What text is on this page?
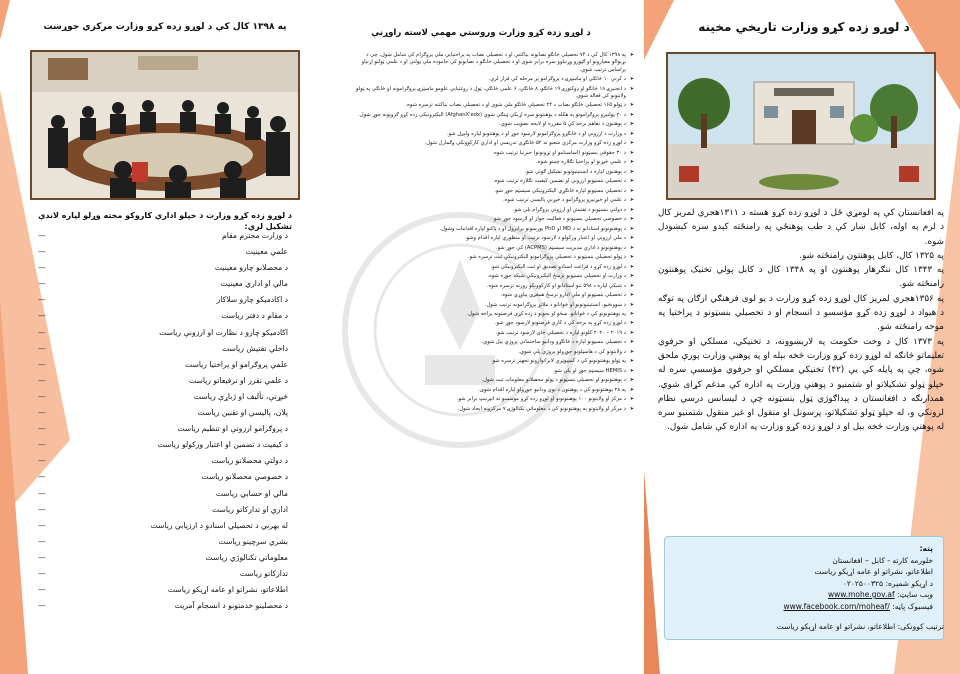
په ۱۳۹۸ کال کې د لوړو زده کړو وزارت مرکزي جوړښت
د لوړو زده کړو وزارت د خپلو اداري کاروکو مخته وړلو لپاره لاندې تشکیل لري:
د وزارت محترم مقام
—
علمي معینیت
—
د محصلانو چارو معینیت
—
مالي او اداري معینیت
—
د اکادمیکو چارو سلاکار
—
د مقام د دفتر ریاست
—
اکادمیکو چارو د نظارت او ارزونې ریاست
—
داخلي تفتیش ریاست
—
علمي پروګرامو او پراختیا ریاست
—
د علمي تقرر او ترفیعاتو ریاست
—
څیړنې، تألیف او ژباړې ریاست
—
پلان، پالیسي او تقنین ریاست
—
د پروګرامو ارزونې او تنظیم ریاست
—
د کیفیت د تضمین او اعتبار ورکولو ریاست
—
د دولتي محصلانو ریاست
—
د خصوصي محصلانو ریاست
—
مالي او حسابي ریاست
—
اداري او تدارکاتو ریاست
—
له بهرني د تحصیلي اسنادو د ارزیابي ریاست
—
بشري سرچینو ریاست
—
معلوماتي تکنالوژي ریاست
—
تدارکاتو ریاست
—
اطلاعاتو، نشراتو او عامه اړیکو ریاست
—
د محصلینو خدمتونو د انسجام آمریت
—
د لوړو زده کړو وزارت وروستي مهمې لاسته راوړنې
➤ په ۱۳۹۸ کال کې د ۷۴ تحصیلي څانګو نصابونه بیاکتنې او د تحصیلي نصاب په پراختیایي ملي پروګرام کې شامل شول، چې د نړیوالو معیارونو او ګټورو وړتیاوو سره برابر شوي او د تحصیلي څانګو د نصابونو کې جاموده ملي ټولنې او د علمي ټولنو اړتیاو پراساس ترتیب شوي.
➤ د کرنې ۱۰ ځانګې او ماسټرۍ د پروګرامو پر مرحله کې قرار لري.
➤ د انجنیرۍ ۱۸ ځانګو او ډوکتورۍ ۱۹ ځانګو، ۸ ځانګې، ۶ علمي ځانګې، ټول د روغتیايي علومو ماسټرۍ پروګرامونه او ځانګې په ټولو ولایتونو کې فعاله شوې.
➤ د ټولو ۱۶۵ تحصیلي ځانګو نصاب د ۲۴ تحصیلي ځانګو ملي شوي او د تحصیلي نصاب بیاکتنه ترسره شوه.
➤ د ۲۰ ټولنیزو پروګرامونو په هکله د پوهنتونو سره اړیکې ټینګې شوې (AfghanX'edx) الیکترونیکي زده کړو ګروپونه جوړ شول.
➤ د پوهنتون د تفاهم برخه کې ۵ مقرره او لایحه تصویب شوې.
➤ د وزارت د ارزونې او د ځانګړو پروګرامونو لارښود جوړ او د پوهنتونو لپاره ولېږل شو.
➤ د لوړو زده کړو وزارت مرکزي شعبو ته ۵۲ ځانګړي تدریسي او اداري کارکوونکي وګمارل شول.
➤ د ۳۰ حقوقي بنسټونو (اساسنامو او تړونونو) خبرتیا ترتیب شوه.
➤ د علمي څیړنو او پراختیا تګلاره چمتو شوه.
➤ د پوهنتون لپاره د انستیتیوتونو تشکیل ګوتې شو.
➤ د تحصیلي بنسټونو ارزونې او تضمین کیفیت تګلاره ترتیب شوه.
➤ د تحصیلي بنسټونو لپاره ځانګړې الیکترونیکي سیسټم جوړ شو.
➤ د علمي او څیړنیزو پروګرامو د څېړنې پالیسي ترتیب شوه.
➤ د دولتي بنسټونو د تفتیش او ارزونې پروګرام پلي شو.
➤ د خصوصي تحصیلي بنسټونو د فعالیت جواز او لارښود جوړ شو.
➤ د پوهنتونونو استادانو ته د MD او PhD بورسونو برابرول او د ټاکنو لپاره اقدامات وشول.
➤ د ملي ارزونې او اعتبار ورکولو د لارښود ترتیب او منظورې لپاره اقدام وشو.
➤ د پوهنتونونو د اداري مدیریت سیسټم (ACPMS) کې جوړ شو.
➤ د ټولو تحصیلي بنسټونو د تحصیلي پروګرامونو الیکترونیکي ثبت ترسره شو.
➤ د لوړو زده کړو د فراغت اسنادو تصدیق او ثبت الیکترونیکي شو.
➤ د وزارت او تحصیلي بنسټونو ترمنځ الیکترونیکي شبکه جوړه شوه.
➤ د شبکې لپاره د ۵۹۸ تنو استادانو او کارکوونکو روزنه ترسره شوه.
➤ د تحصیلي بنسټونو او ملي ادارو ترمنځ همغږي پیاوړې شوه.
➤ د ښوونځیو، انستیتیوتونو او ځوانانو د ملاتړ پروګرامونه ترتیب شول.
➤ په پوهنتونونو کې د ځوانانو، ښځو او نجونو د زده کړې فرصتونه پراخه شول.
➤ د لوړو زده کړو په برخه کې د کاري فرصتونو لارښود جوړ شو.
➤ د ۲۰۱۹ – ۲۰۲۰ کلونو لپاره د تحصیلي ځای لارښود ترتیب شو.
➤ د تحصیلي بنسټونو لپاره د ځانګړو ودانیو ساختماني پروژې پیل شوې.
➤ د ولایتونو کې د هاسټلونو جوړولو پروژې پلي شوې.
➤ په ټولو پوهنتونونو کې د کمپیوټري لابراتوارونو تجهیز ترسره شو.
➤ د HEMIS سیسټم جوړ او پلي شو.
➤ د پوهنتونونو او تحصیلي بنسټونو د ټولو محصلانو معلومات ثبت شول.
➤ په ۲۸ پوهنتونونو کې د پوهنتون د نوي ودانیو جوړولو لپاره اقدام شوی.
➤ د مرکز او ولایتونو ۱۰۰ پوهنتونونو او لوړو زده کړو موسسو ته انټرنیټ برابر شو.
➤ د مرکز او ولایتونو په پوهنتونونو کې د معلوماتي تکنالوژۍ ۷ مرکزونه ایجاد شول.
د لوړو زده کړو وزارت تاریخي مخینه

په افغانستان کې په لومړي ځل د لوړو زده کړو هسته د ۱۳۱۱هجري لمریز کال د لرم په اوله، کابل ښار کې د طب پوهنځي په رامنځته کېدو سره کېښودل شوه.

په ۱۳۲۵ کال، کابل پوهنتون رامنځته شو.

په ۱۳۴۳ کال ننګرهار پوهنتون او په ۱۳۴۸ کال د کابل پولي تخنیک پوهنتون رامنځته شو.

په ۱۳۵۶هجري لمریز کال لوړو زده کړو وزارت د یو لوی فرهنګي ارګان په توګه د هیواد د لوړو زده کړو مؤسسو د انسجام او د تحصیلي بنسټونو د پراختیا په موخه رامنځته شو.

په ۱۳۷۳ کال د وخت حکومت په لاربښوونه، د تخنیکي، مسلکي او حرفوي تعلیماتو څانګه له لوړو زده کړو وزارت څخه بېله او په پوهنې وزارت پورې ملحق شوه، چې په پایله کې یې (۴۲) تخنیکي مسلکي او حرفوي مؤسسې سره له خپلو ټولو تشکیلاتو او شتمنیو د پوهنې وزارت په اداره کې مدغم کړای شوې. همدارنګه د افغانستان د پېداګوژي ټول بنسټونه چې د لیسانس درسي نظام لرونکي و، له خپلو ټولو تشکیلاتو، پرسونل او منقول او غیر منقول شتمنیو سره له پوهنې وزارت څخه بېل او د لوړو زده کړو وزارت په اداره کې شامل شول.

پته:
خلورمه کارته - کابل – افغانستان
اطلاعاتو، نشراتو او عامه اړیکو ریاست
د اړیکو شمېره: ۰۲۰۲۵۰۰۳۲۵
وېب سایټ: www.mohe.gov.af
فیسبوک پاڼه: www.facebook.com/moheaf/
ترتیب کوونکی: اطلاعاتو، نشراتو او عامه اړیکو ریاست
